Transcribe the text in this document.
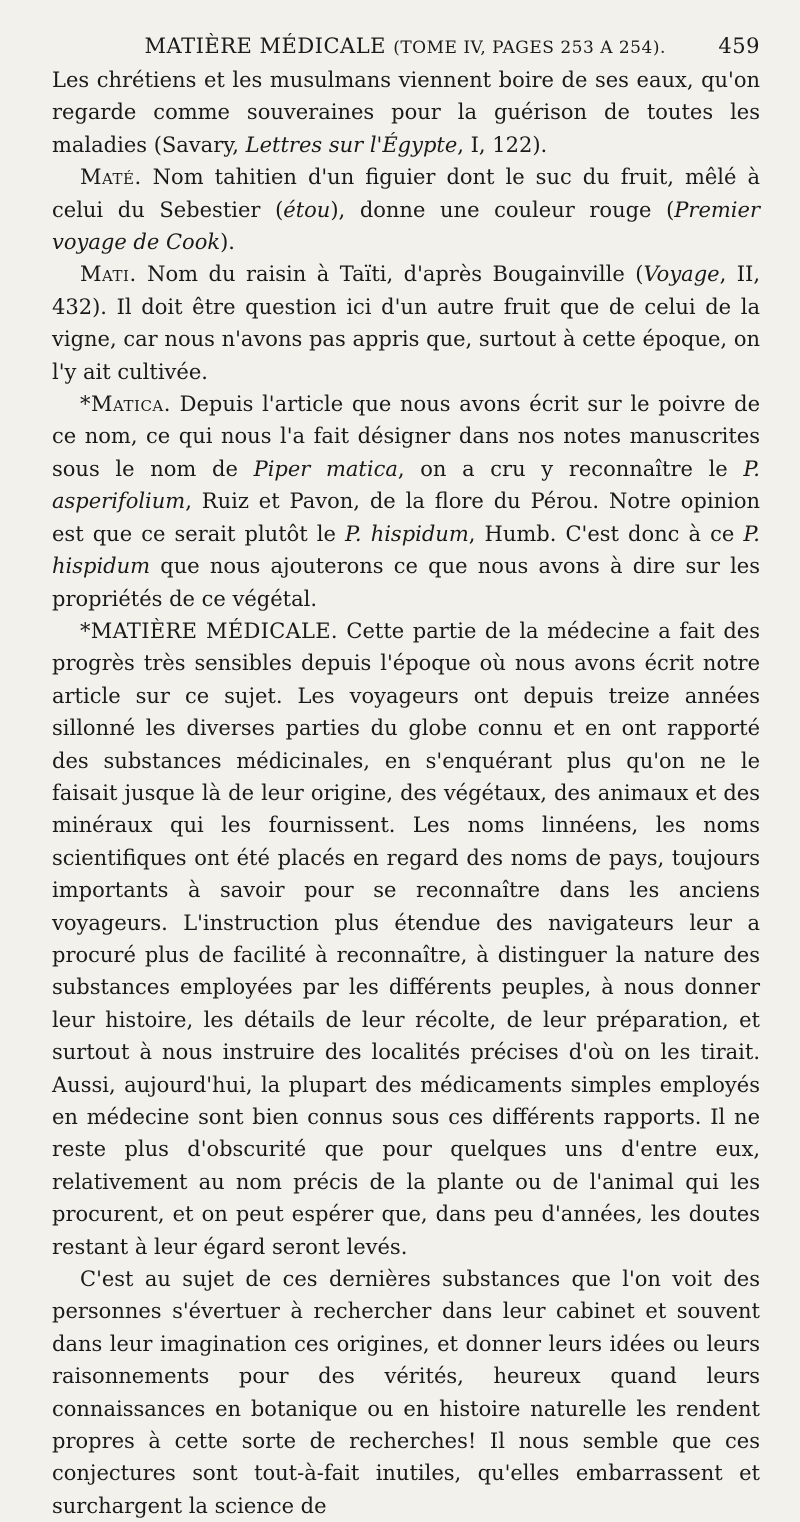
MATIÈRE MÉDICALE (TOME IV, PAGES 253 A 254).	459

Les chrétiens et les musulmans viennent boire de ses eaux, qu'on regarde comme souveraines pour la guérison de toutes les maladies (Savary, Lettres sur l'Égypte, I, 122).

Maté. Nom tahitien d'un figuier dont le suc du fruit, mêlé à celui du Sebestier (étou), donne une couleur rouge (Premier voyage de Cook).

Mati. Nom du raisin à Taïti, d'après Bougainville (Voyage, II, 432). Il doit être question ici d'un autre fruit que de celui de la vigne, car nous n'avons pas appris que, surtout à cette époque, on l'y ait cultivée.

*Matica. Depuis l'article que nous avons écrit sur le poivre de ce nom, ce qui nous l'a fait désigner dans nos notes manuscrites sous le nom de Piper matica, on a cru y reconnaître le P. asperifolium, Ruiz et Pavon, de la flore du Pérou. Notre opinion est que ce serait plutôt le P. hispidum, Humb. C'est donc à ce P. hispidum que nous ajouterons ce que nous avons à dire sur les propriétés de ce végétal.

*MATIÈRE MÉDICALE. Cette partie de la médecine a fait des progrès très sensibles depuis l'époque où nous avons écrit notre article sur ce sujet. Les voyageurs ont depuis treize années sillonné les diverses parties du globe connu et en ont rapporté des substances médicinales, en s'enquérant plus qu'on ne le faisait jusque là de leur origine, des végétaux, des animaux et des minéraux qui les fournissent. Les noms linnéens, les noms scientifiques ont été placés en regard des noms de pays, toujours importants à savoir pour se reconnaître dans les anciens voyageurs. L'instruction plus étendue des navigateurs leur a procuré plus de facilité à reconnaître, à distinguer la nature des substances employées par les différents peuples, à nous donner leur histoire, les détails de leur récolte, de leur préparation, et surtout à nous instruire des localités précises d'où on les tirait. Aussi, aujourd'hui, la plupart des médicaments simples employés en médecine sont bien connus sous ces différents rapports. Il ne reste plus d'obscurité que pour quelques uns d'entre eux, relativement au nom précis de la plante ou de l'animal qui les procurent, et on peut espérer que, dans peu d'années, les doutes restant à leur égard seront levés.

C'est au sujet de ces dernières substances que l'on voit des personnes s'évertuer à rechercher dans leur cabinet et souvent dans leur imagination ces origines, et donner leurs idées ou leurs raisonnements pour des vérités, heureux quand leurs connaissances en botanique ou en histoire naturelle les rendent propres à cette sorte de recherches! Il nous semble que ces conjectures sont tout-à-fait inutiles, qu'elles embarrassent et surchargent la science de
